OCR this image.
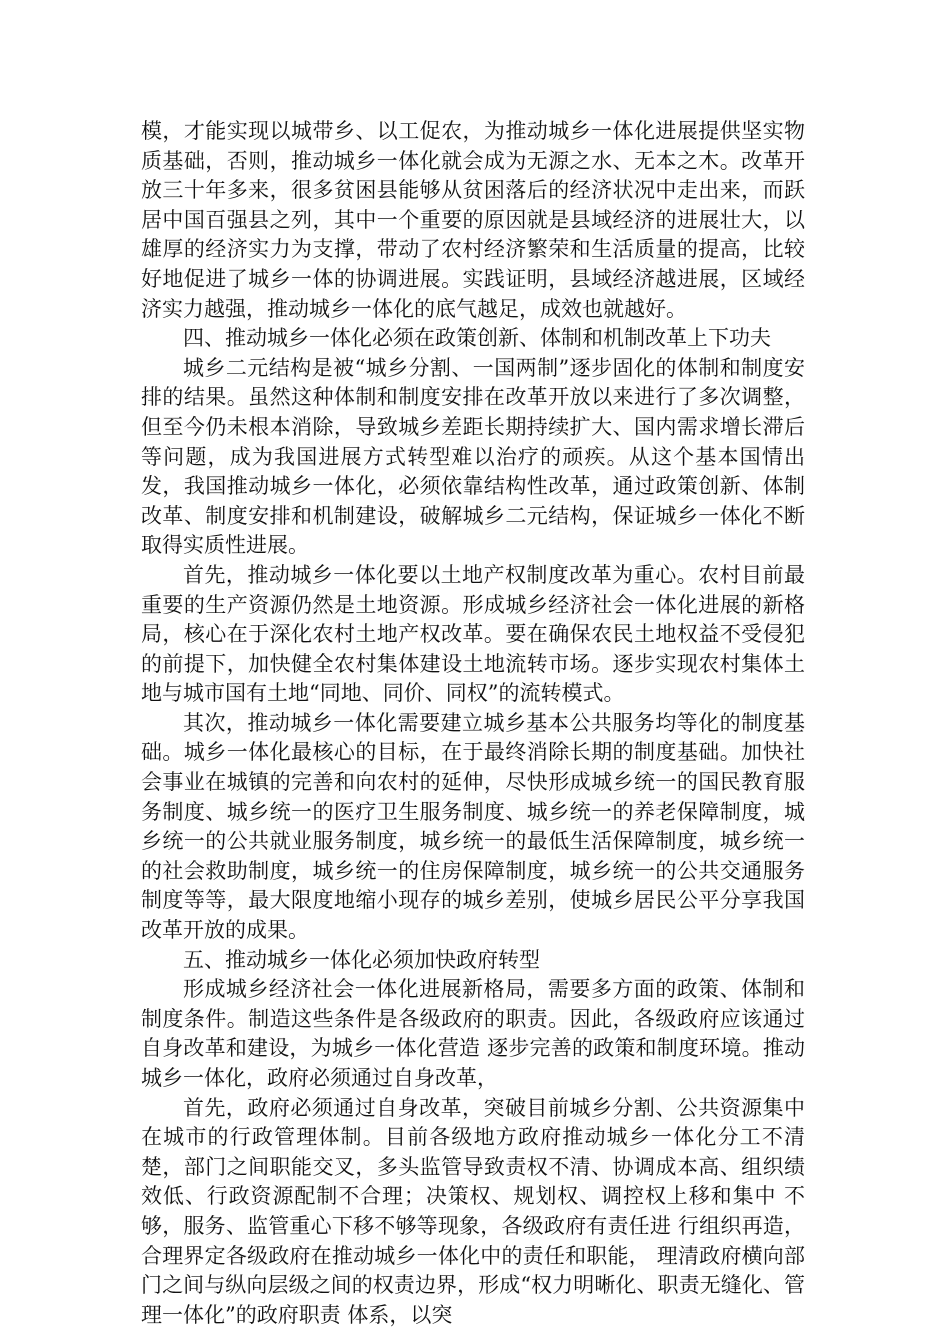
模，才能实现以城带乡、以工促农，为推动城乡一体化进展提供坚实物质基础，否则，推动城乡一体化就会成为无源之水、无本之木。改革开放三十年多来，很多贫困县能够从贫困落后的经济状况中走出来，而跃居中国百强县之列，其中一个重要的原因就是县域经济的进展壮大，以雄厚的经济实力为支撑，带动了农村经济繁荣和生活质量的提高，比较好地促进了城乡一体的协调进展。实践证明，县域经济越进展，区域经济实力越强，推动城乡一体化的底气越足，成效也就越好。

四、推动城乡一体化必须在政策创新、体制和机制改革上下功夫

城乡二元结构是被“城乡分割、一国两制”逐步固化的体制和制度安排的结果。虽然这种体制和制度安排在改革开放以来进行了多次调整，但至今仍未根本消除，导致城乡差距长期持续扩大、国内需求增长滞后等问题，成为我国进展方式转型难以治疗的顽疾。从这个基本国情出发，我国推动城乡一体化，必须依靠结构性改革，通过政策创新、体制改革、制度安排和机制建设，破解城乡二元结构，保证城乡一体化不断取得实质性进展。

首先，推动城乡一体化要以土地产权制度改革为重心。农村目前最重要的生产资源仍然是土地资源。形成城乡经济社会一体化进展的新格局，核心在于深化农村土地产权改革。要在确保农民土地权益不受侵犯的前提下，加快健全农村集体建设土地流转市场。逐步实现农村集体土地与城市国有土地“同地、同价、同权”的流转模式。

其次，推动城乡一体化需要建立城乡基本公共服务均等化的制度基础。城乡一体化最核心的目标，在于最终消除长期的制度基础。加快社会事业在城镇的完善和向农村的延伸，尽快形成城乡统一的国民教育服务制度、城乡统一的医疗卫生服务制度、城乡统一的养老保障制度，城乡统一的公共就业服务制度，城乡统一的最低生活保障制度，城乡统一的社会救助制度，城乡统一的住房保障制度，城乡统一的公共交通服务制度等等，最大限度地缩小现存的城乡差别，使城乡居民公平分享我国改革开放的成果。

五、推动城乡一体化必须加快政府转型

形成城乡经济社会一体化进展新格局，需要多方面的政策、体制和制度条件。制造这些条件是各级政府的职责。因此，各级政府应该通过自身改革和建设，为城乡一体化营造 逐步完善的政策和制度环境。推动城乡一体化，政府必须通过自身改革，

首先，政府必须通过自身改革，突破目前城乡分割、公共资源集中在城市的行政管理体制。目前各级地方政府推动城乡一体化分工不清楚，部门之间职能交叉，多头监管导致责权不清、协调成本高、组织绩效低、行政资源配制不合理；决策权、规划权、调控权上移和集中 不够，服务、监管重心下移不够等现象，各级政府有责任进 行组织再造，合理界定各级政府在推动城乡一体化中的责任和职能， 理清政府横向部门之间与纵向层级之间的权责边界，形成“权力明晰化、职责无缝化、管理一体化”的政府职责 体系，以突
